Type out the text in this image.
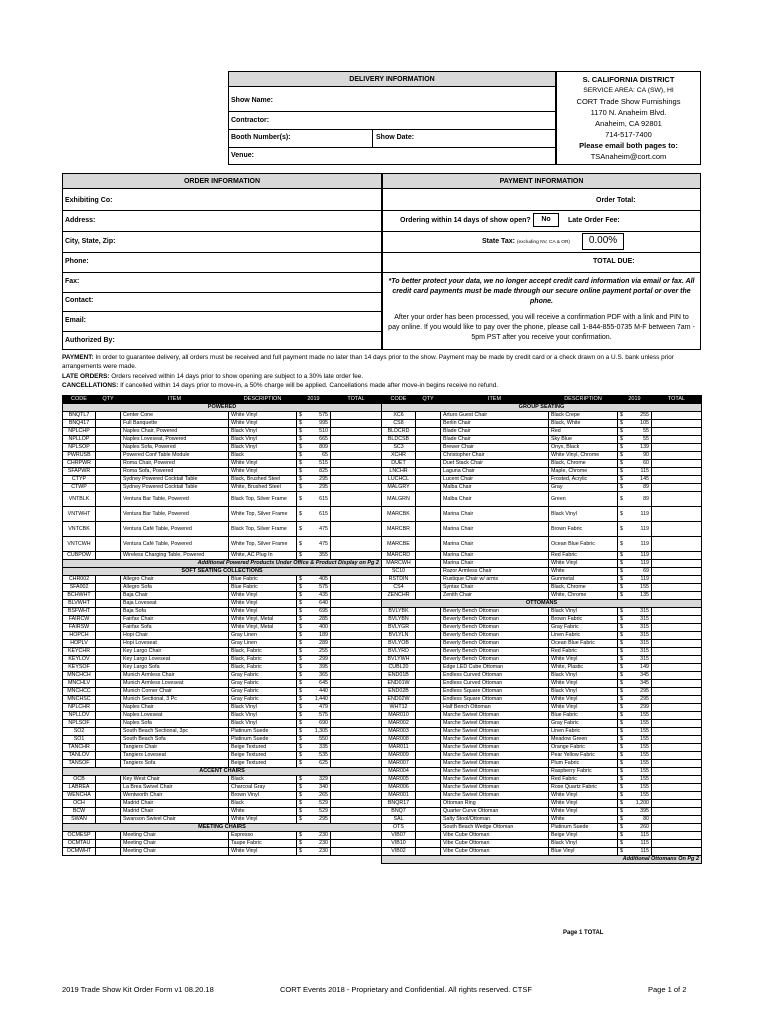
DELIVERY INFORMATION
Show Name:
Contractor:
Booth Number(s):	Show Date:
Venue:
S. CALIFORNIA DISTRICT
SERVICE AREA: CA (SW), HI
CORT Trade Show Furnishings
1170 N. Anaheim Blvd.
Anaheim, CA 92801
714-517-7400
Please email both pages to:
TSAnaheim@cort.com
ORDER INFORMATION
Exhibiting Co:
Address:
City, State, Zip:
Phone:
Fax:
Contact:
Email:
Authorized By:
PAYMENT INFORMATION
Order Total:
Ordering within 14 days of show open?	No	Late Order Fee:
State Tax: (excluding NV, CA & OR)	0.00%
TOTAL DUE:
*To better protect your data, we no longer accept credit card information via email or fax. All credit card payments must be made through our secure online payment portal or over the phone.
After your order has been processed, you will receive a confirmation PDF with a link and PIN to pay online. If you would like to pay over the phone, please call 1-844-855-0735 M-F between 7am - 5pm PST after you receive your confirmation.
PAYMENT: In order to guarantee delivery, all orders must be received and full payment made no later than 14 days prior to the show. Payment may be made by credit card or a check drawn on a U.S. bank unless prior arrangements were made.
LATE ORDERS: Orders received within 14 days prior to show opening are subject to a 30% late order fee.
CANCELLATIONS: If cancelled within 14 days prior to move-in, a 50% charge will be applied. Cancellations made after move-in begins receive no refund.
CODE	QTY	ITEM	DESCRIPTION	2019	TOTAL
POWERED					
BNQTL7		Center Cone	White Vinyl	$ 575	

BNQ417		Full Banquette	White Vinyl	$ 995	

NPLCHP		Naples Chair, Powered	Black Vinyl	$ 510	

NPLLOP		Naples Loveseat, Powered	Black Vinyl	$ 665	

NPLSOP		Naples Sofa, Powered	Black Vinyl	$ 809	

PWRUSB		Powered Conf Table Module	Black	$ 65	

CHRPWR		Roma Chair, Powered	White Vinyl	$ 515	

SFAPWR		Roma Sofa, Powered	White Vinyl	$ 825	

CTYP		Sydney Powered Cocktail Table	Black, Brushed Steel	$ 295	

CTWP		Sydney Powered Cocktail Table	White, Brushed Steel	$ 295	

VNTBLK		Ventura Bar Table, Powered	Black Top, Silver Frame	$ 615	

VNTWHT		Ventura Bar Table, Powered	White Top, Silver Frame	$ 615	

VNTCBK		Ventura Café Table, Powered	Black Top, Silver Frame	$ 475	

VNTCWH		Ventura Café Table, Powered	White Top, Silver Frame	$ 475	

CUBPOW		Wireless Charging Table, Powered	White, AC Plug In	$ 355	

Additional Powered Products Under Office & Product Display on Pg 2					
SOFT SEATING COLLECTIONS					
CHR002		Allegro Chair	Blue Fabric	$ 405	

SFA002		Allegro Sofa	Blue Fabric	$ 575	

BCHWHT		Baja Chair	White Vinyl	$ 435	

BLVWHT		Baja Loveseat	White Vinyl	$ 640	

BSFWHT		Baja Sofa	White Vinyl	$ 695	

FAIRCW		Fairfax Chair	White Vinyl, Metal	$ 285	

FAIRSW		Fairfax Sofa	White Vinyl, Metal	$ 400	

HOPCH		Hopi Chair	Gray Linen	$ 189	

HOPLV		Hopi Loveseat	Gray Linen	$ 289	

KEYCHR		Key Largo Chair	Black, Fabric	$ 255	

KEYLOV		Key Largo Loveseat	Black, Fabric	$ 299	

KEYSOF		Key Largo Sofa	Black, Fabric	$ 395	

MNCHCH		Munich Armless Chair	Gray Fabric	$ 365	

MNCHLV		Munich Armless Loveseat	Gray Fabric	$ 645	

MNCHCC		Munich Corner Chair	Gray Fabric	$ 440	

MNCHSC		Munich Sectional, 3 Pc	Gray Fabric	$ 1,440	

NPLCHR		Naples Chair	Black Vinyl	$ 479	

NPLLOV		Naples Loveseat	Black Vinyl	$ 575	

NPLSOF		Naples Sofa	Black Vinyl	$ 690	

SO2		South Beach Sectional, 3pc	Platinum Suede	$ 1,305	

SO1		South Beach Sofa	Platinum Suede	$ 550	

TANCHR		Tangiers Chair	Beige Textured	$ 335	

TANLOV		Tangiers Loveseat	Beige Textured	$ 535	

TANSOF		Tangiers Sofa	Beige Textured	$ 625	

ACCENT CHAIRS					
OCB		Key West Chair	Black	$ 329	

LABREA		La Brea Swivel Chair	Charcoal Gray	$ 340	

WENCHA		Wentworth Chair	Brown Vinyl	$ 265	

OCH		Madrid Chair	Black	$ 529	

BCW		Madrid Chair	White	$ 529	

SWAN		Swanson Swivel Chair	White Vinyl	$ 295	

MEETING CHAIRS					
OCMESP		Meeting Chair	Espresso	$ 230	

OCMTAU		Meeting Chair	Taupe Fabric	$ 230	

OCMWHT		Meeting Chair	White Vinyl	$ 230	

CODE	QTY	ITEM	DESCRIPTION	2019	TOTAL
GROUP SEATING					
XC6		Arturo Guest Chair	Black Crepe	$ 255	

CS8		Berlin Chair	Black, White	$ 105	

BLDCRD		Blade Chair	Red	$ 55	

BLDCSB		Blade Chair	Sky Blue	$ 55	

SC3		Brewer Chair	Onyx, Black	$ 139	

XCHR		Christopher Chair	White Vinyl, Chrome	$ 90	

DUET		Duet Stack Chair	Black, Chrome	$ 60	

LNCHR		Laguna Chair	Maple, Chrome	$ 115	

LUCHCL		Lucent Chair	Frosted, Acrylic	$ 145	

MALGRY		Malba Chair	Gray	$ 89	

MALGRN		Malba Chair	Green	$ 89	

MARCBK		Marina Chair	Black Vinyl	$ 119	

MARCBR		Marina Chair	Brown Fabric	$ 119	

MARCBE		Marina Chair	Ocean Blue Fabric	$ 119	

MARCRD		Marina Chair	Red Fabric	$ 119	

MARCWH		Marina Chair	White Vinyl	$ 119	

SC10		Razor Armless Chair	White	$ 69	

RSTDIN		Rustique Chair w/ arms	Gunmetal	$ 119	

CS4		Syntax Chair	Black, Chrome	$ 155	

ZENCHR		Zenith Chair	White, Chrome	$ 135	

OTTOMANS					
BVLYBK		Beverly Bench Ottoman	Black Vinyl	$ 315	

BVLYBN		Beverly Bench Ottoman	Brown Fabric	$ 315	

BVLYGR		Beverly Bench Ottoman	Gray Fabric	$ 315	

BVLYLN		Beverly Bench Ottoman	Linen Fabric	$ 315	

BVLYOB		Beverly Bench Ottoman	Ocean Blue Fabric	$ 315	

BVLYRD		Beverly Bench Ottoman	Red Fabric	$ 315	

BVLYWH		Beverly Bench Ottoman	White Vinyl	$ 315	

CUBL20		Edge LED Cube Ottoman	White, Plastic	$ 149	

END01B		Endless Curved Ottoman	Black Vinyl	$ 345	

END01W		Endless Curved Ottoman	White Vinyl	$ 345	

END02B		Endless Square Ottoman	Black Vinyl	$ 295	

END02W		Endless Square Ottoman	White Vinyl	$ 295	

WHT12		Half Bench Ottoman	White Vinyl	$ 299	

MAR010		Marche Swivel Ottoman	Blue Fabric	$ 155	

MAR002		Marche Swivel Ottoman	Gray Fabric	$ 155	

MAR003		Marche Swivel Ottoman	Linen Fabric	$ 155	

MAR008		Marche Swivel Ottoman	Meadow Green	$ 155	

MAR011		Marche Swivel Ottoman	Orange Fabric	$ 155	

MAR009		Marche Swivel Ottoman	Pear Yellow Fabric	$ 155	

MAR007		Marche Swivel Ottoman	Plum Fabric	$ 155	

MAR004		Marche Swivel Ottoman	Raspberry Fabric	$ 155	

MAR005		Marche Swivel Ottoman	Red Fabric	$ 155	

MAR006		Marche Swivel Ottoman	Rose Quartz Fabric	$ 155	

MAR001		Marche Swivel Ottoman	White Vinyl	$ 155	

BNQR17		Ottoman Ring	White Vinyl	$ 1,200	

BNQ7		Quarter Curve Ottoman	White Vinyl	$ 395	

SAL		Salty Stool/Ottoman	White	$ 80	

OTS		South Beach Wedge Ottoman	Platinum Suede	$ 260	

VIB07		Vibe Cube Ottoman	Beige Vinyl	$ 115	

VIB10		Vibe Cube Ottoman	Black Vinyl	$ 115	

VIB02		Vibe Cube Ottoman	Blue Vinyl	$ 115	

Additional Ottomans On Pg 2					
Page 1 TOTAL
2019 Trade Show Kit Order Form v1 08.20.18	CORT Events 2018 - Proprietary and Confidential. All rights reserved. CTSF	Page 1 of 2
